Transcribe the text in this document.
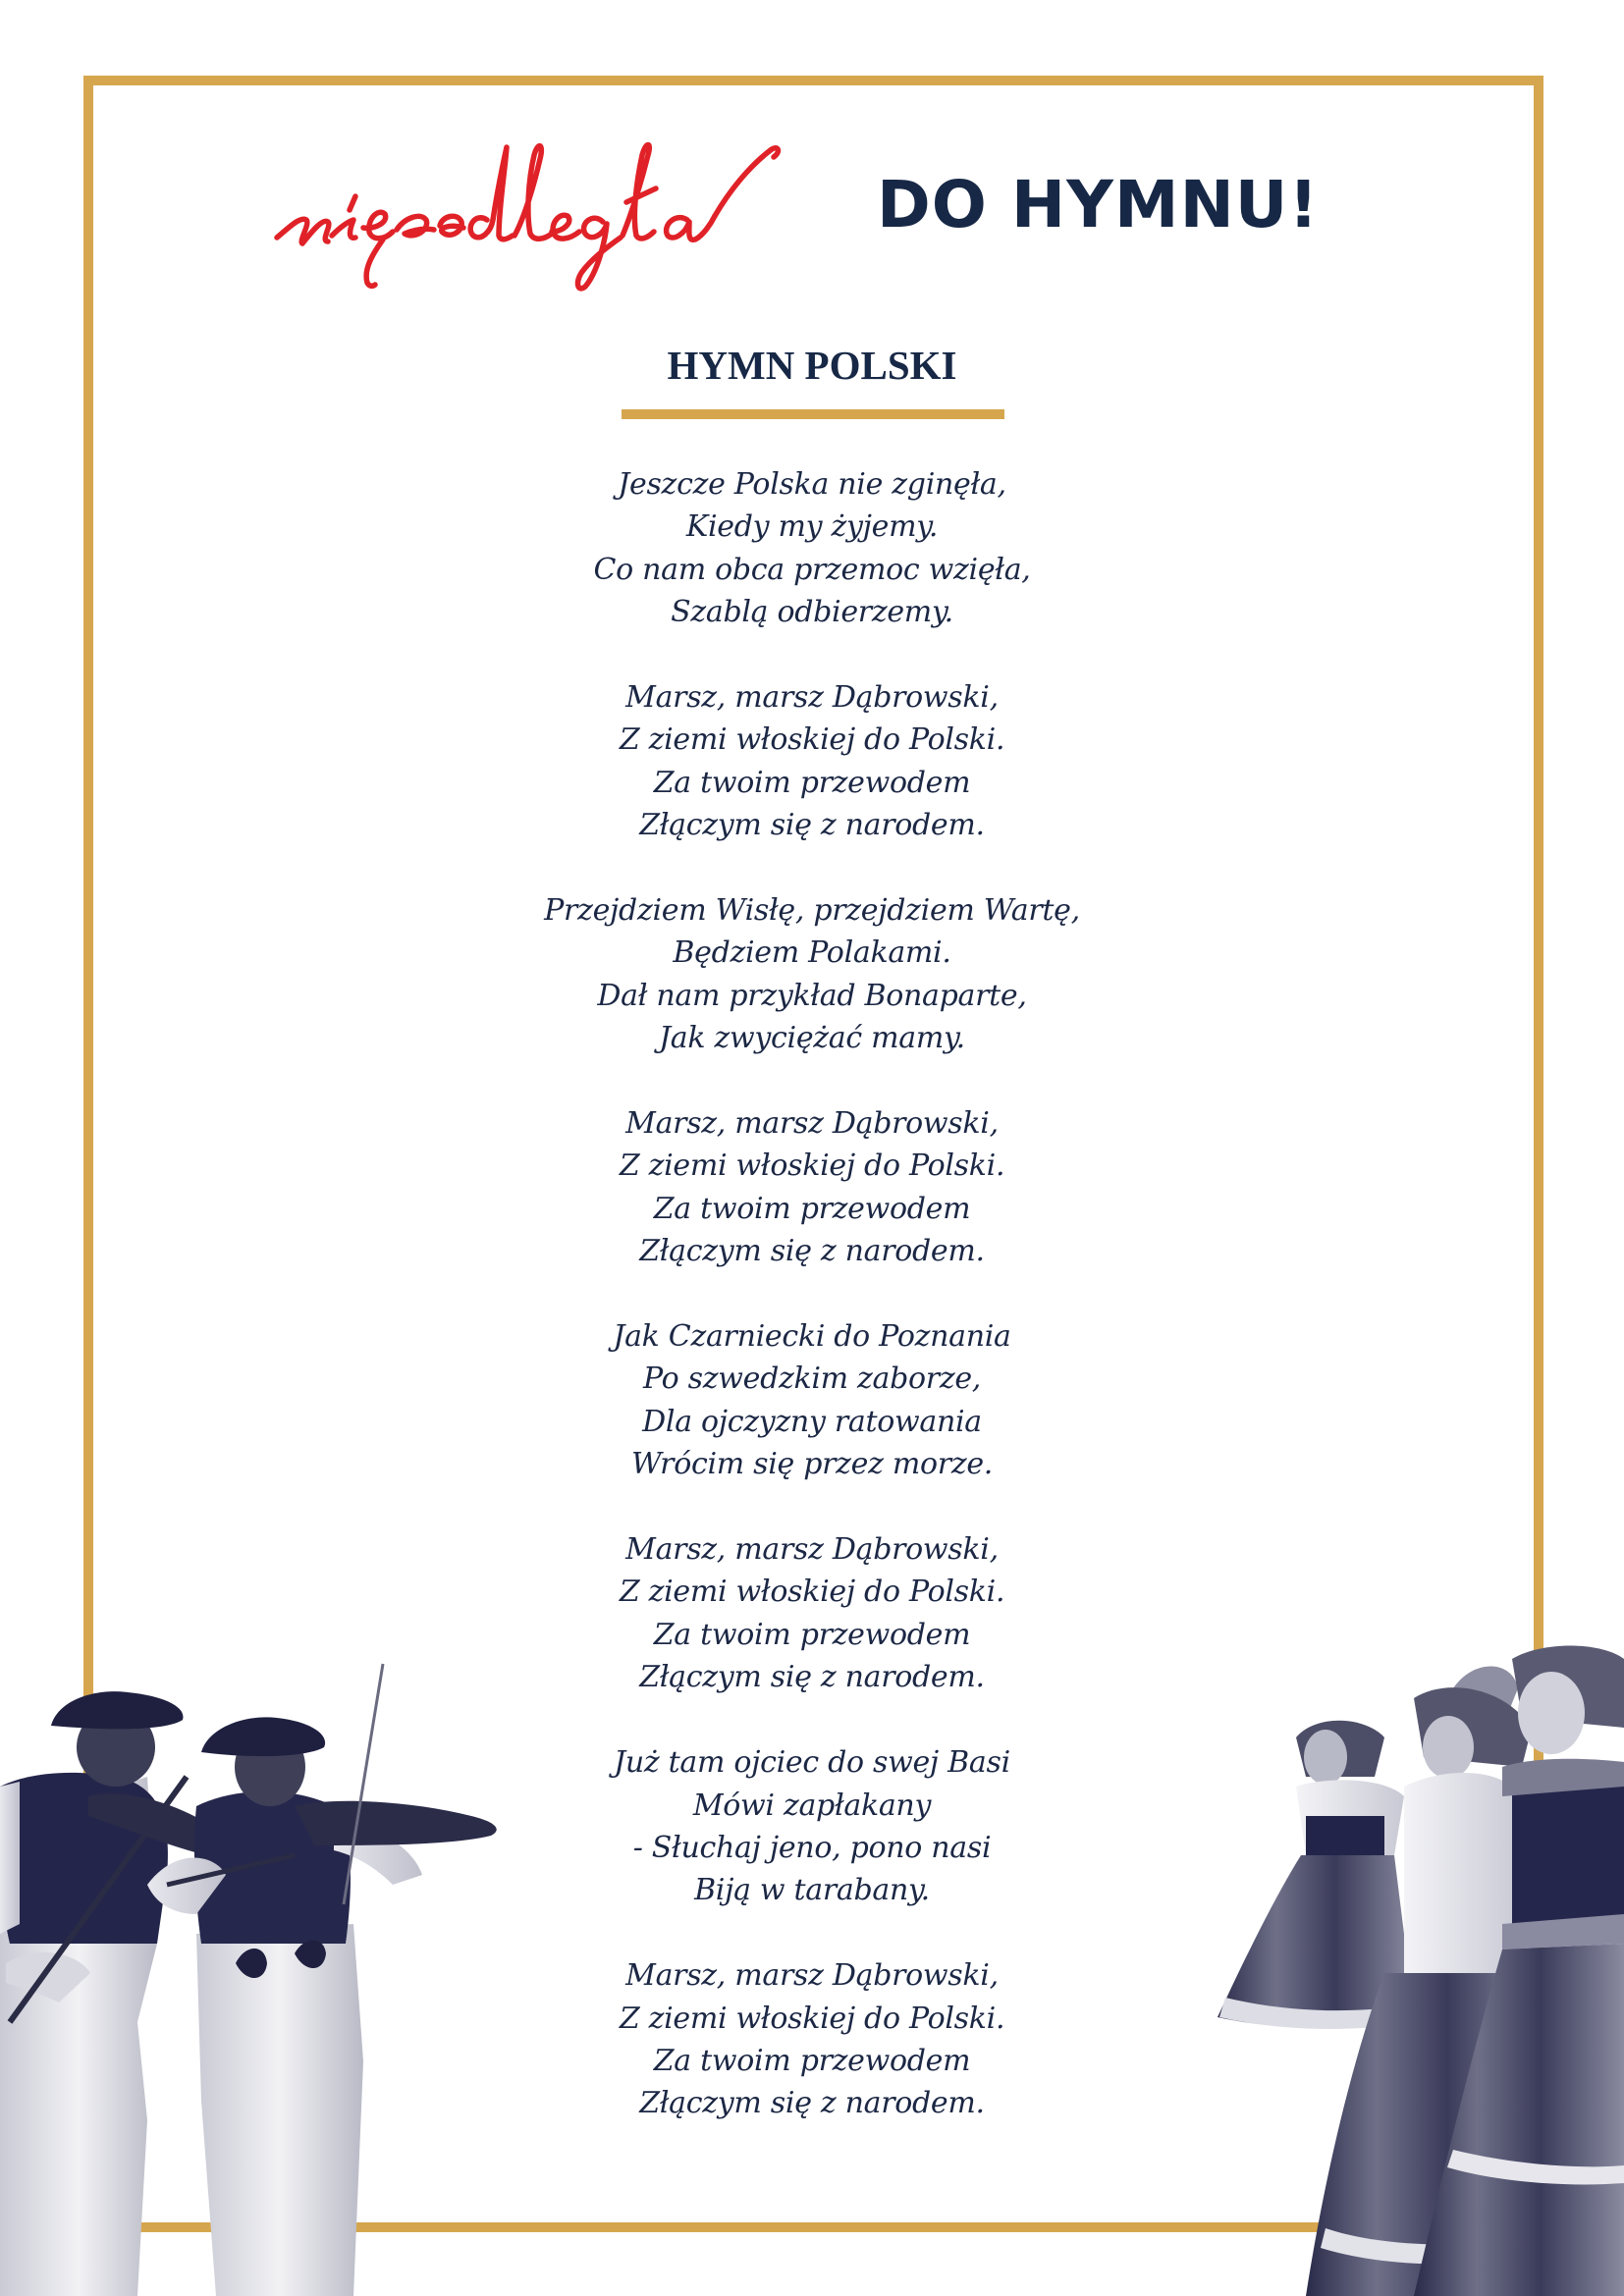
DO HYMNU!
HYMN POLSKI
Jeszcze Polska nie zginęła,
Kiedy my żyjemy.
Co nam obca przemoc wzięła,
Szablą odbierzemy.
Marsz, marsz Dąbrowski,
Z ziemi włoskiej do Polski.
Za twoim przewodem
Złączym się z narodem.
Przejdziem Wisłę, przejdziem Wartę,
Będziem Polakami.
Dał nam przykład Bonaparte,
Jak zwyciężać mamy.
Marsz, marsz Dąbrowski,
Z ziemi włoskiej do Polski.
Za twoim przewodem
Złączym się z narodem.
Jak Czarniecki do Poznania
Po szwedzkim zaborze,
Dla ojczyzny ratowania
Wrócim się przez morze.
Marsz, marsz Dąbrowski,
Z ziemi włoskiej do Polski.
Za twoim przewodem
Złączym się z narodem.
Już tam ojciec do swej Basi
Mówi zapłakany
- Słuchaj jeno, pono nasi
Biją w tarabany.
Marsz, marsz Dąbrowski,
Z ziemi włoskiej do Polski.
Za twoim przewodem
Złączym się z narodem.
